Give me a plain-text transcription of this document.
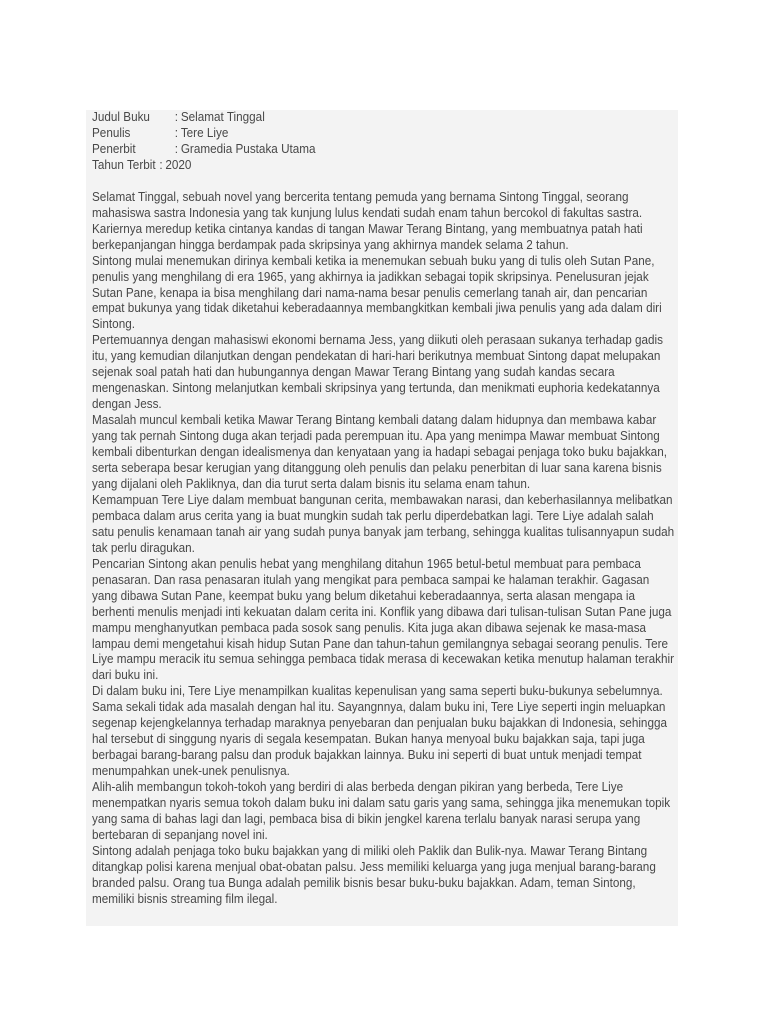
Judul Buku	: Selamat Tinggal
Penulis	: Tere Liye
Penerbit	: Gramedia Pustaka Utama
Tahun Terbit : 2020

Selamat Tinggal, sebuah novel yang bercerita tentang pemuda yang bernama Sintong Tinggal, seorang mahasiswa sastra Indonesia yang tak kunjung lulus kendati sudah enam tahun bercokol di fakultas sastra. Kariernya meredup ketika cintanya kandas di tangan Mawar Terang Bintang, yang membuatnya patah hati berkepanjangan hingga berdampak pada skripsinya yang akhirnya mandek selama 2 tahun.

Sintong mulai menemukan dirinya kembali ketika ia menemukan sebuah buku yang di tulis oleh Sutan Pane, penulis yang menghilang di era 1965, yang akhirnya ia jadikkan sebagai topik skripsinya. Penelusuran jejak Sutan Pane, kenapa ia bisa menghilang dari nama-nama besar penulis cemerlang tanah air, dan pencarian empat bukunya yang tidak diketahui keberadaannya membangkitkan kembali jiwa penulis yang ada dalam diri Sintong.

Pertemuannya dengan mahasiswi ekonomi bernama Jess, yang diikuti oleh perasaan sukanya terhadap gadis itu, yang kemudian dilanjutkan dengan pendekatan di hari-hari berikutnya membuat Sintong dapat melupakan sejenak soal patah hati dan hubungannya dengan Mawar Terang Bintang yang sudah kandas secara mengenaskan. Sintong melanjutkan kembali skripsinya yang tertunda, dan menikmati euphoria kedekatannya dengan Jess.

Masalah muncul kembali ketika Mawar Terang Bintang kembali datang dalam hidupnya dan membawa kabar yang tak pernah Sintong duga akan terjadi pada perempuan itu. Apa yang menimpa Mawar membuat Sintong kembali dibenturkan dengan idealismenya dan kenyataan yang ia hadapi sebagai penjaga toko buku bajakkan, serta seberapa besar kerugian yang ditanggung oleh penulis dan pelaku penerbitan di luar sana karena bisnis yang dijalani oleh Pakliknya, dan dia turut serta dalam bisnis itu selama enam tahun.

Kemampuan Tere Liye dalam membuat bangunan cerita, membawakan narasi, dan keberhasilannya melibatkan pembaca dalam arus cerita yang ia buat mungkin sudah tak perlu diperdebatkan lagi. Tere Liye adalah salah satu penulis kenamaan tanah air yang sudah punya banyak jam terbang, sehingga kualitas tulisannyapun sudah tak perlu diragukan.

Pencarian Sintong akan penulis hebat yang menghilang ditahun 1965 betul-betul membuat para pembaca penasaran. Dan rasa penasaran itulah yang mengikat para pembaca sampai ke halaman terakhir. Gagasan yang dibawa Sutan Pane, keempat buku yang belum diketahui keberadaannya, serta alasan mengapa ia berhenti menulis menjadi inti kekuatan dalam cerita ini. Konflik yang dibawa dari tulisan-tulisan Sutan Pane juga mampu menghanyutkan pembaca pada sosok sang penulis. Kita juga akan dibawa sejenak ke masa-masa lampau demi mengetahui kisah hidup Sutan Pane dan tahun-tahun gemilangnya sebagai seorang penulis. Tere Liye mampu meracik itu semua sehingga pembaca tidak merasa di kecewakan ketika menutup halaman terakhir dari buku ini.

Di dalam buku ini, Tere Liye menampilkan kualitas kepenulisan yang sama seperti buku-bukunya sebelumnya. Sama sekali tidak ada masalah dengan hal itu. Sayangnnya, dalam buku ini, Tere Liye seperti ingin meluapkan segenap kejengkelannya terhadap maraknya penyebaran dan penjualan buku bajakkan di Indonesia, sehingga hal tersebut di singgung nyaris di segala kesempatan. Bukan hanya menyoal buku bajakkan saja, tapi juga berbagai barang-barang palsu dan produk bajakkan lainnya. Buku ini seperti di buat untuk menjadi tempat menumpahkan unek-unek penulisnya.

Alih-alih membangun tokoh-tokoh yang berdiri di alas berbeda dengan pikiran yang berbeda, Tere Liye menempatkan nyaris semua tokoh dalam buku ini dalam satu garis yang sama, sehingga jika menemukan topik yang sama di bahas lagi dan lagi, pembaca bisa di bikin jengkel karena terlalu banyak narasi serupa yang bertebaran di sepanjang novel ini.

Sintong adalah penjaga toko buku bajakkan yang di miliki oleh Paklik dan Bulik-nya. Mawar Terang Bintang ditangkap polisi karena menjual obat-obatan palsu. Jess memiliki keluarga yang juga menjual barang-barang branded palsu. Orang tua Bunga adalah pemilik bisnis besar buku-buku bajakkan. Adam, teman Sintong, memiliki bisnis streaming film ilegal.
